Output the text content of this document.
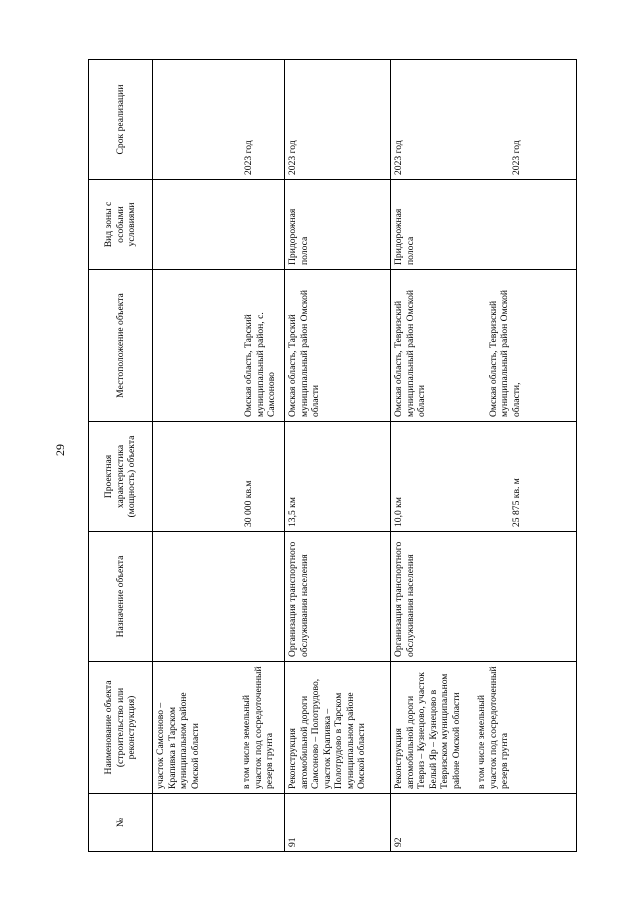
29
№	Наименование объекта (строительство или реконструкция)	Назначение объекта	Проектная характеристика (мощность) объекта	Местоположение объекта	Вид зоны с особыми условиями	Срок реализации
	участок Самсоново – Крапивка в Тарском муниципальном районе Омской области в том числе земельный участок под сосредоточенный резерв грунта		30 000 кв.м	Омская область, Тарский муниципальный район, с. Самсоново		2023 год

91	Реконструкция автомобильной дороги Самсоново – Полотрудово, участок Крапивка – Полотрудово в Тарском муниципальном районе Омской области	Организация транспортного обслуживания населения	13,5 км	Омская область, Тарский муниципальный район Омской области	Придорожная полоса	2023 год
92	Реконструкция автомобильной дороги Тевриз – Кузнецово, участок Белый Яр – Кузнецово в Тевризском муниципальном районе Омской области в том числе земельный участок под сосредоточенный резерв грунта	Организация транспортного обслуживания населения	10,0 км 25 875 кв. м	Омская область, Тевризский муниципальный район Омской области Омская область, Тевризский муниципальный район Омской области,	Придорожная полоса	2023 год 2023 год
